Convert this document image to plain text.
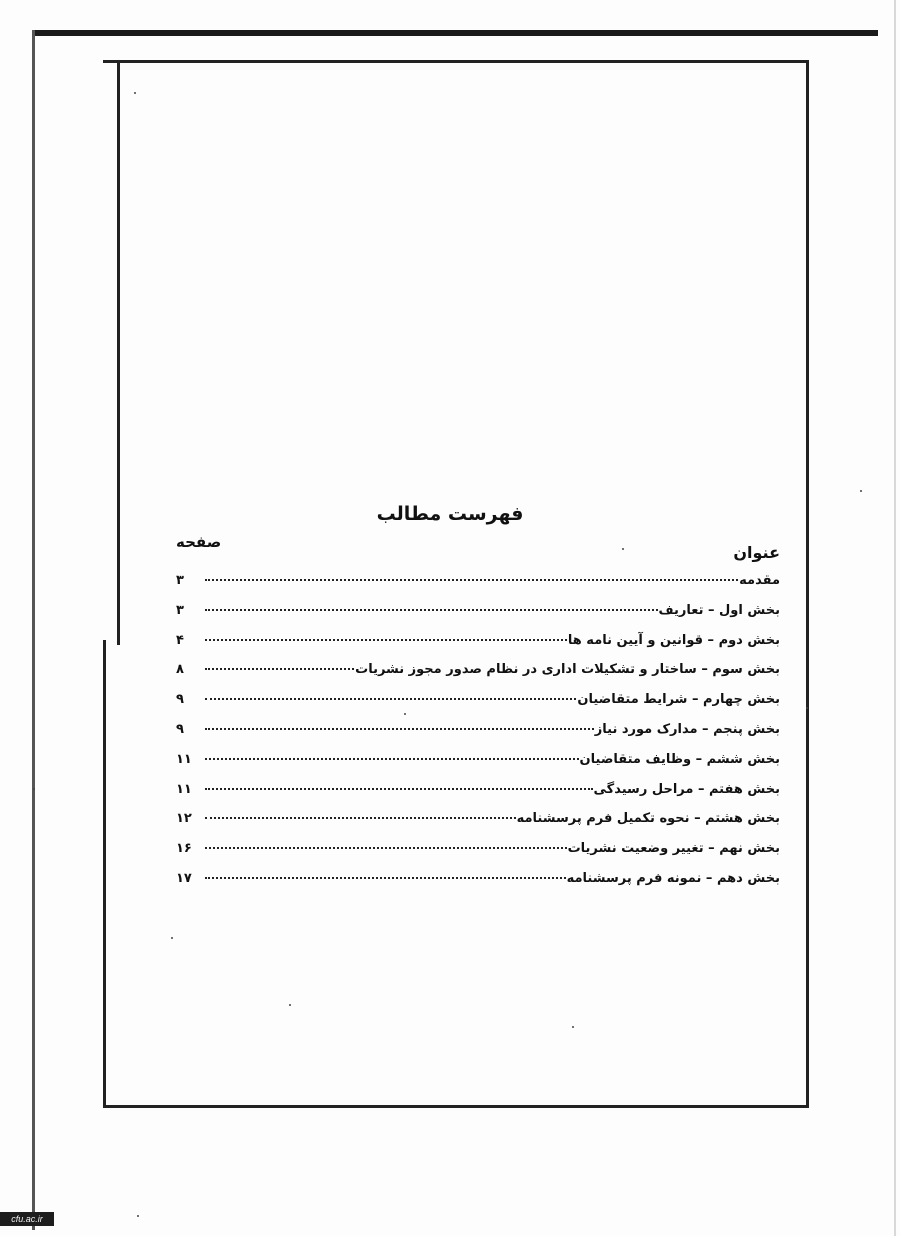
فهرست مطالب
عنوان
صفحه
مقدمه
۳
بخش اول – تعاریف
۳
بخش دوم – قوانین و آیین نامه ها
۴
بخش سوم – ساختار و تشکیلات اداری در نظام صدور مجوز نشریات
۸
بخش چهارم – شرایط متقاضیان
۹
بخش پنجم – مدارک مورد نیاز
۹
بخش ششم – وظایف متقاضیان
۱۱
بخش هفتم – مراحل رسیدگی
۱۱
بخش هشتم – نحوه تکمیل فرم پرسشنامه
۱۲
بخش نهم – تغییر وضعیت نشریات
۱۶
بخش دهم – نمونه فرم پرسشنامه
۱۷
cfu.ac.ir
